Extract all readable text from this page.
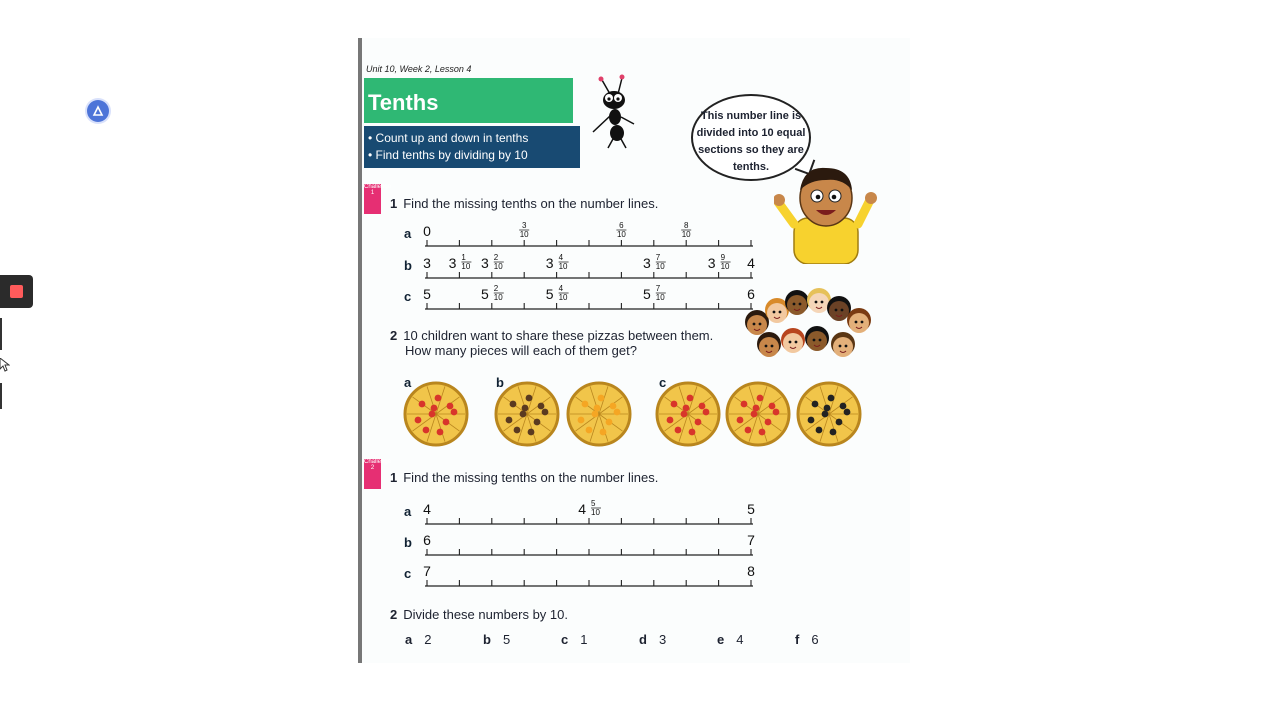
Unit 10, Week 2, Lesson 4
Tenths
• Count up and down in tenths
• Find tenths by dividing by 10
This number line is divided into 10 equal sections so they are tenths.
Challenge 1
1 Find the missing tenths on the number lines.
a 0	3
10
6
10
8
10
b 3	4
3 1
10 3 2
10	3 4
10	3 7
10	3 9
10
c 5	6
5 2
10	5 4
10	5 7
10
a 4	5
4 5
10
b 6	7
c 7	8
2 10 children want to share these pizzas between them.
How many pieces will each of them get?
a	b	c
Challenge 2
1 Find the missing tenths on the number lines.
2 Divide these numbers by 10.
a 2	b 5	c 1	d 3	e 4	f 6
